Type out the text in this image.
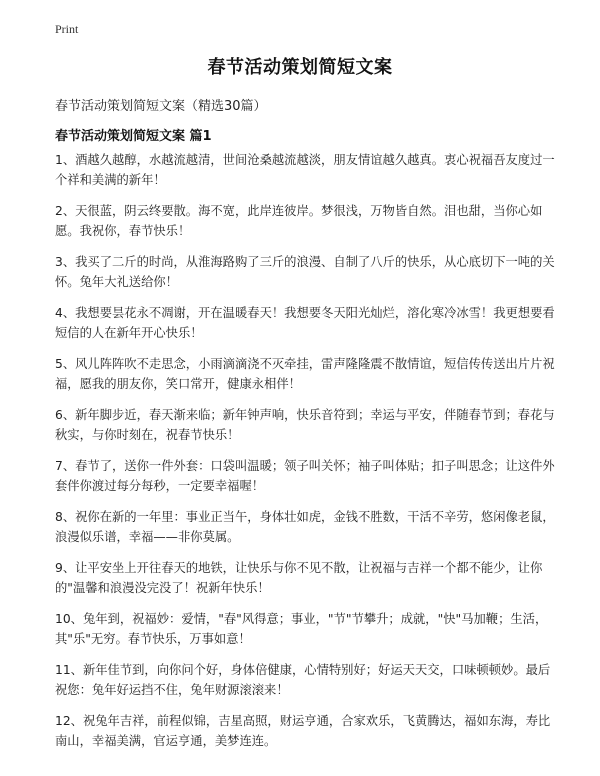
Print
春节活动策划简短文案
春节活动策划简短文案（精选30篇）
春节活动策划简短文案 篇1

1、酒越久越醇，水越流越清，世间沧桑越流越淡，朋友情谊越久越真。衷心祝福吾友度过一个祥和美满的新年！

2、天很蓝，阴云终要散。海不宽，此岸连彼岸。梦很浅，万物皆自然。泪也甜，当你心如愿。我祝你，春节快乐！

3、我买了二斤的时尚，从淮海路购了三斤的浪漫、自制了八斤的快乐，从心底切下一吨的关怀。兔年大礼送给你！

4、我想要昙花永不凋谢，开在温暖春天！我想要冬天阳光灿烂，溶化寒冷冰雪！我更想要看短信的人在新年开心快乐！

5、风儿阵阵吹不走思念，小雨滴滴浇不灭牵挂，雷声隆隆震不散情谊，短信传传送出片片祝福，愿我的朋友你，笑口常开，健康永相伴！

6、新年脚步近，春天渐来临；新年钟声响，快乐音符到；幸运与平安，伴随春节到；春花与秋实，与你时刻在，祝春节快乐！

7、春节了，送你一件外套：口袋叫温暖；领子叫关怀；袖子叫体贴；扣子叫思念；让这件外套伴你渡过每分每秒，一定要幸福喔！

8、祝你在新的一年里：事业正当午，身体壮如虎，金钱不胜数，干活不辛劳，悠闲像老鼠，浪漫似乐谱，幸福——非你莫属。

9、让平安坐上开往春天的地铁，让快乐与你不见不散，让祝福与吉祥一个都不能少，让你的"温馨和浪漫没完没了！祝新年快乐！

10、兔年到，祝福妙：爱情，"春"风得意；事业，"节"节攀升；成就，"快"马加鞭；生活，其"乐"无穷。春节快乐，万事如意！

11、新年佳节到，向你问个好，身体倍健康，心情特别好；好运天天交，口味顿顿妙。最后祝您：兔年好运挡不住，兔年财源滚滚来！

12、祝兔年吉祥，前程似锦，吉星高照，财运亨通，合家欢乐，飞黄腾达，福如东海，寿比南山，幸福美满，官运亨通，美梦连连。
